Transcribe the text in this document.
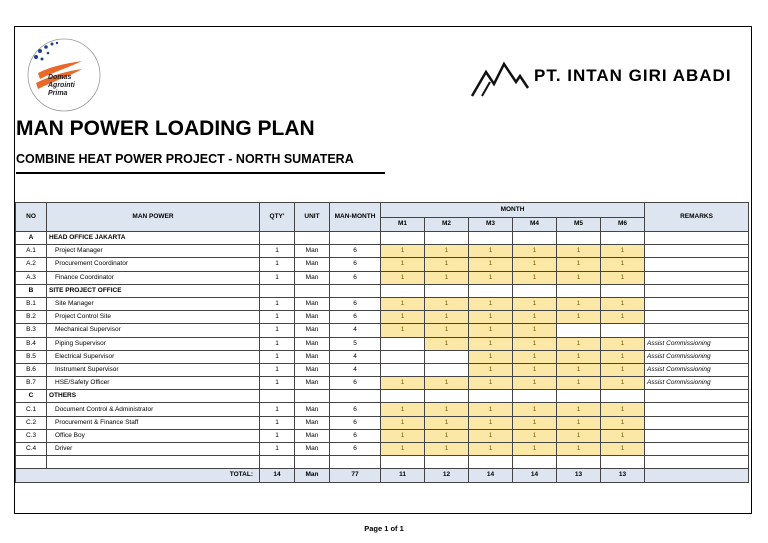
Domas
Agrointi
Prima
PT. INTAN GIRI ABADI
MAN POWER LOADING PLAN
COMBINE HEAT POWER PROJECT - NORTH SUMATERA
NO	MAN POWER	QTY'	UNIT	MAN-MONTH	MONTH						REMARKS
					M1	M2	M3	M4	M5	M6	
A	HEAD OFFICE JAKARTA										
A.1	Project Manager	1	Man	6	1	1	1	1	1	1	
A.2	Procurement Coordinator	1	Man	6	1	1	1	1	1	1	
A.3	Finance Coordinator	1	Man	6	1	1	1	1	1	1	
B	SITE PROJECT OFFICE										
B.1	Site Manager	1	Man	6	1	1	1	1	1	1	
B.2	Project Control Site	1	Man	6	1	1	1	1	1	1	
B.3	Mechanical Supervisor	1	Man	4	1	1	1	1			
B.4	Piping Supervisor	1	Man	5		1	1	1	1	1	Assist Commissioning
B.5	Electrical Supervisor	1	Man	4			1	1	1	1	Assist Commissioning
B.6	Instrument Supervisor	1	Man	4			1	1	1	1	Assist Commissioning
B.7	HSE/Safety Officer	1	Man	6	1	1	1	1	1	1	Assist Commissioning
C	OTHERS										
C.1	Document Control & Administrator	1	Man	6	1	1	1	1	1	1	
C.2	Procurement & Finance Staff	1	Man	6	1	1	1	1	1	1	
C.3	Office Boy	1	Man	6	1	1	1	1	1	1	
C.4	Driver	1	Man	6	1	1	1	1	1	1	

TOTAL:		14	Man	77	11	12	14	14	13	13	
Page 1 of 1
